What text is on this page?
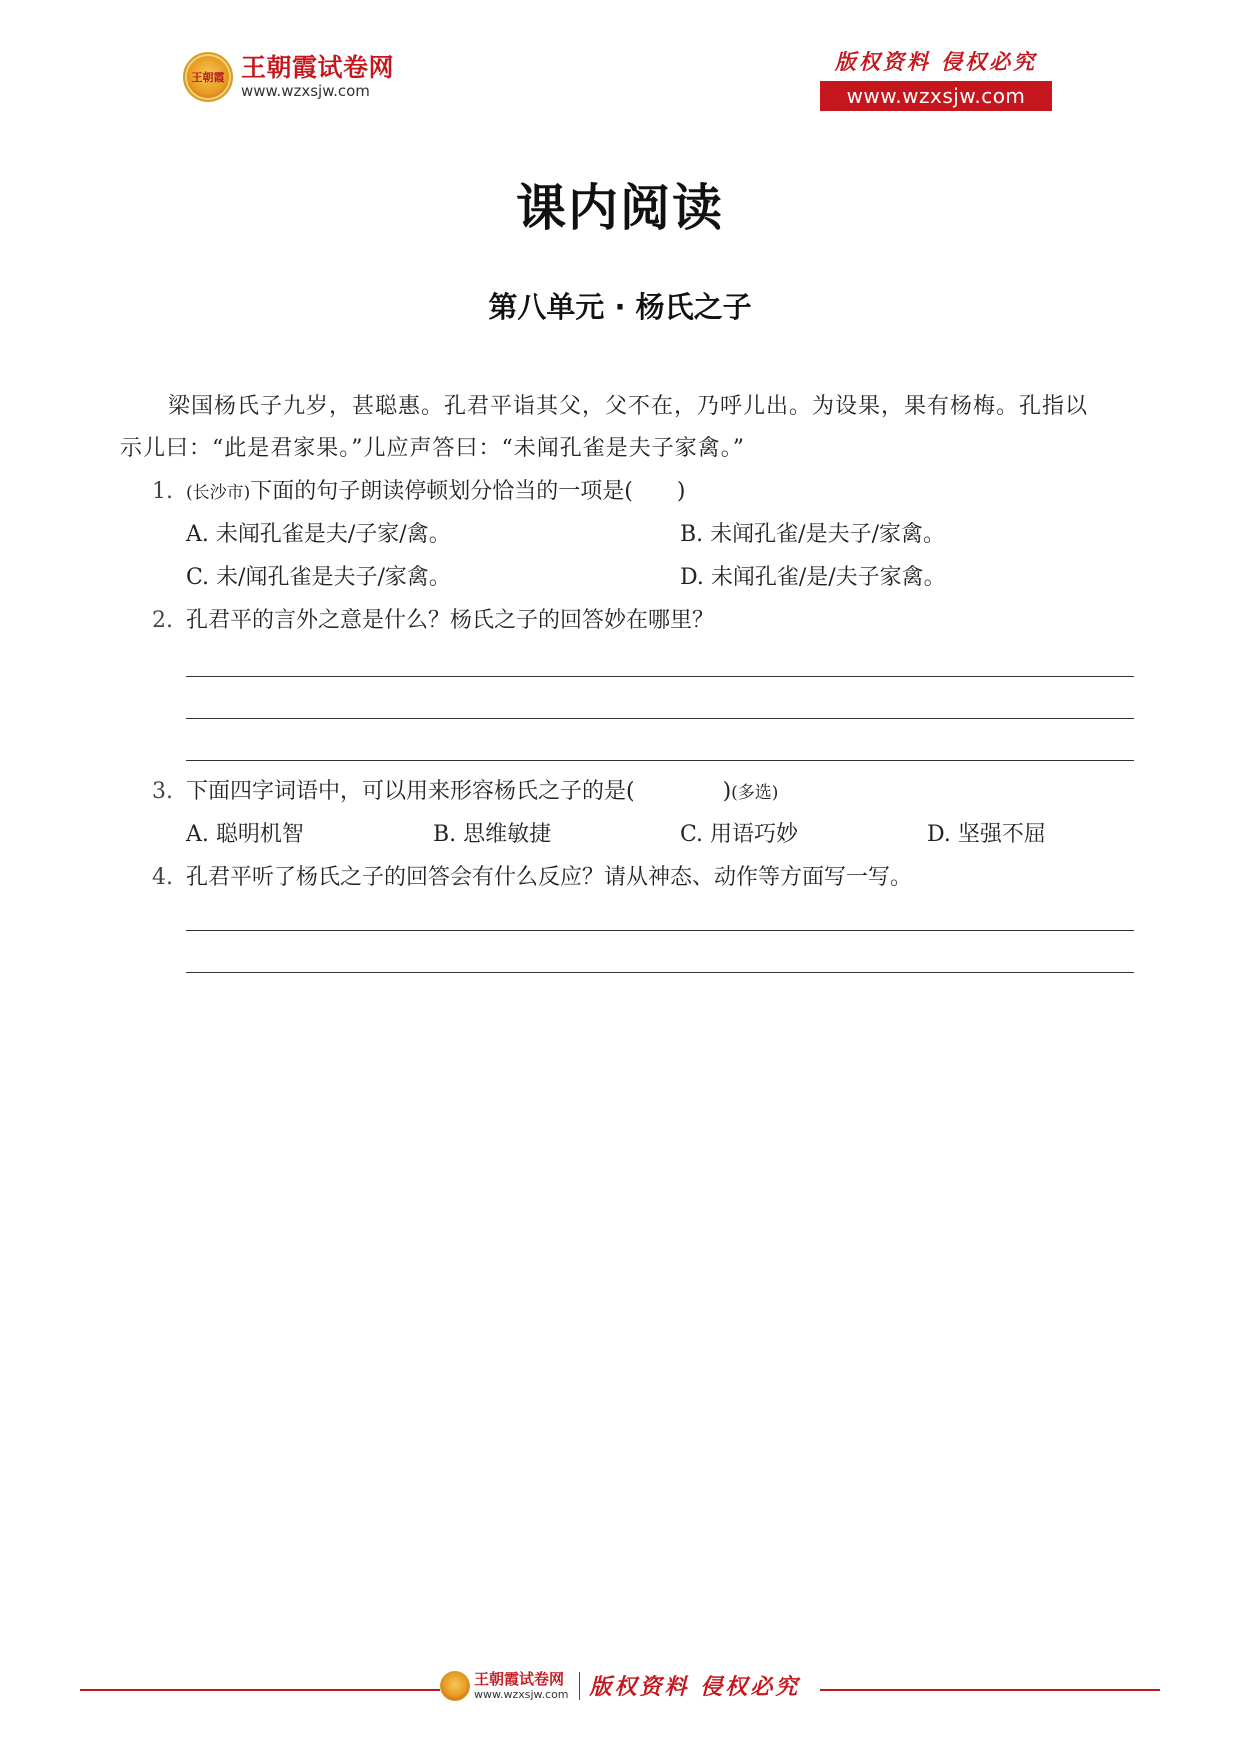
王朝霞 王朝霞试卷网
www.wzxsjw.com
版权资料 侵权必究
www.wzxsjw.com
课内阅读
第八单元 · 杨氏之子
梁国杨氏子九岁，甚聪惠。孔君平诣其父，父不在，乃呼儿出。为设果，果有杨梅。孔指以
示儿曰：“此是君家果。”儿应声答曰：“未闻孔雀是夫子家禽。”
1. (长沙市)下面的句子朗读停顿划分恰当的一项是(　　)
A. 未闻孔雀是夫/子家/禽。	B. 未闻孔雀/是夫子/家禽。
C. 未/闻孔雀是夫子/家禽。	D. 未闻孔雀/是/夫子家禽。
2. 孔君平的言外之意是什么？杨氏之子的回答妙在哪里？
3. 下面四字词语中，可以用来形容杨氏之子的是(　　　　)(多选)
A. 聪明机智	B. 思维敏捷	C. 用语巧妙	D. 坚强不屈
4. 孔君平听了杨氏之子的回答会有什么反应？请从神态、动作等方面写一写。
王朝霞试卷网
www.wzxsjw.com 版权资料 侵权必究
